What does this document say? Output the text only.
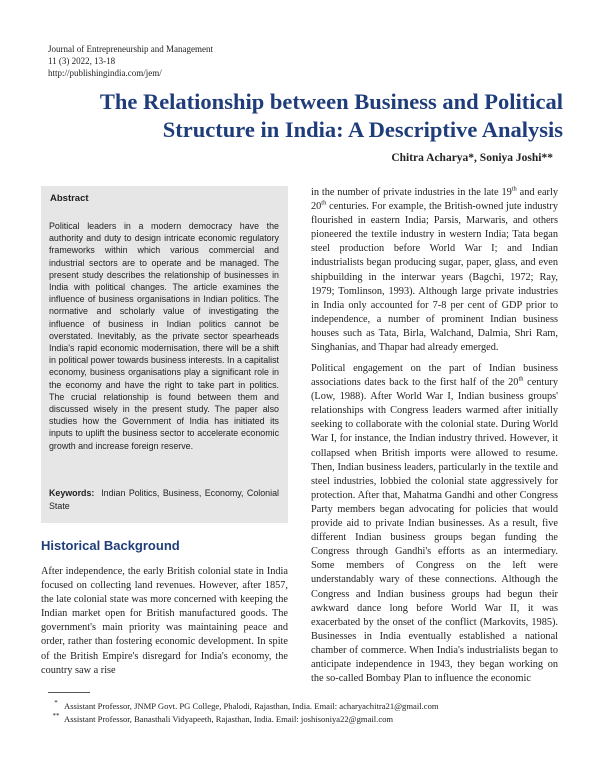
Journal of Entrepreneurship and Management
11 (3) 2022, 13-18
http://publishingindia.com/jem/
The Relationship between Business and Political
Structure in India: A Descriptive Analysis
Chitra Acharya*, Soniya Joshi**
Abstract
Political leaders in a modern democracy have the authority and duty to design intricate economic regulatory frameworks within which various commercial and industrial sectors are to operate and be managed. The present study describes the relationship of businesses in India with political changes. The article examines the influence of business organisations in Indian politics. The normative and scholarly value of investigating the influence of business in Indian politics cannot be overstated. Inevitably, as the private sector spearheads India's rapid economic modernisation, there will be a shift in political power towards business interests. In a capitalist economy, business organisations play a significant role in the economy and have the right to take part in politics. The crucial relationship is found between them and discussed wisely in the present study. The paper also studies how the Government of India has initiated its inputs to uplift the business sector to accelerate economic growth and increase foreign reserve.
Keywords: Indian Politics, Business, Economy, Colonial State
Historical Background

After independence, the early British colonial state in India focused on collecting land revenues. However, after 1857, the late colonial state was more concerned with keeping the Indian market open for British manufactured goods. The government's main priority was maintaining peace and order, rather than fostering economic development. In spite of the British Empire's disregard for India's economy, the country saw a rise

in the number of private industries in the late 19th and early 20th centuries. For example, the British-owned jute industry flourished in eastern India; Parsis, Marwaris, and others pioneered the textile industry in western India; Tata began steel production before World War I; and Indian industrialists began producing sugar, paper, glass, and even shipbuilding in the interwar years (Bagchi, 1972; Ray, 1979; Tomlinson, 1993). Although large private industries in India only accounted for 7-8 per cent of GDP prior to independence, a number of prominent Indian business houses such as Tata, Birla, Walchand, Dalmia, Shri Ram, Singhanias, and Thapar had already emerged.

Political engagement on the part of Indian business associations dates back to the first half of the 20th century (Low, 1988). After World War I, Indian business groups' relationships with Congress leaders warmed after initially seeking to collaborate with the colonial state. During World War I, for instance, the Indian industry thrived. However, it collapsed when British imports were allowed to resume. Then, Indian business leaders, particularly in the textile and steel industries, lobbied the colonial state aggressively for protection. After that, Mahatma Gandhi and other Congress Party members began advocating for policies that would provide aid to private Indian businesses. As a result, five different Indian business groups began funding the Congress through Gandhi's efforts as an intermediary. Some members of Congress on the left were understandably wary of these connections. Although the Congress and Indian business groups had begun their awkward dance long before World War II, it was exacerbated by the onset of the conflict (Markovits, 1985). Businesses in India eventually established a national chamber of commerce. When India's industrialists began to anticipate independence in 1943, they began working on the so-called Bombay Plan to influence the economic

* Assistant Professor, JNMP Govt. PG College, Phalodi, Rajasthan, India. Email: acharyachitra21@gmail.com
** Assistant Professor, Banasthali Vidyapeeth, Rajasthan, India. Email: joshisoniya22@gmail.com
